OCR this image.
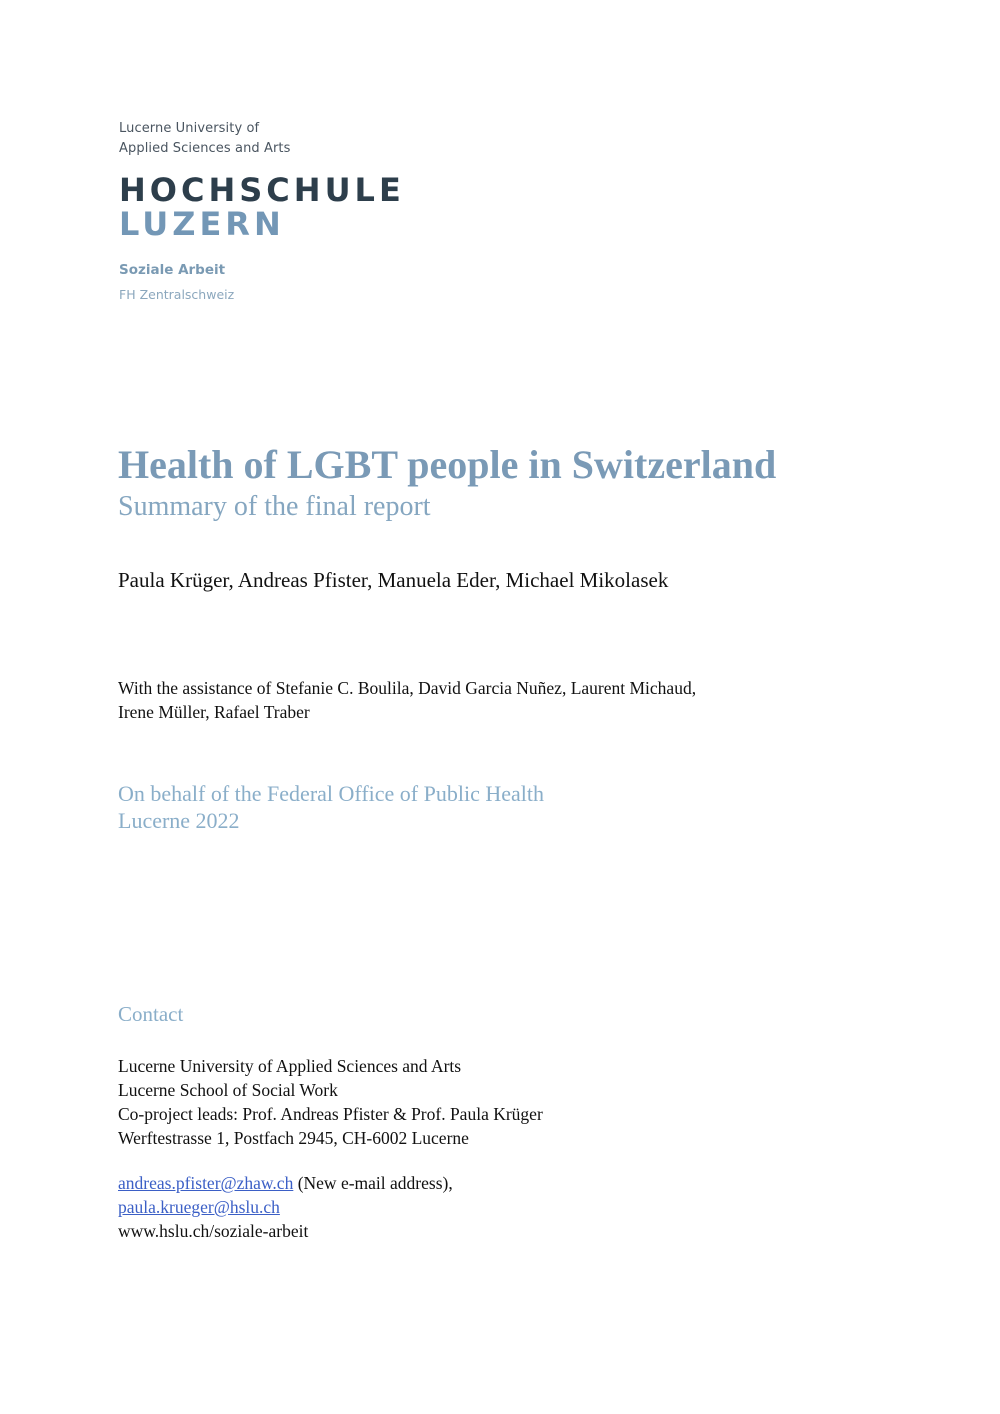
Lucerne University of
Applied Sciences and Arts
HOCHSCHULE
LUZERN
Soziale Arbeit
FH Zentralschweiz
Health of LGBT people in Switzerland
Summary of the final report
Paula Krüger, Andreas Pfister, Manuela Eder, Michael Mikolasek
With the assistance of Stefanie C. Boulila, David Garcia Nuñez, Laurent Michaud,
Irene Müller, Rafael Traber
On behalf of the Federal Office of Public Health
Lucerne 2022
Contact
Lucerne University of Applied Sciences and Arts
Lucerne School of Social Work
Co-project leads: Prof. Andreas Pfister & Prof. Paula Krüger
Werftestrasse 1, Postfach 2945, CH-6002 Lucerne
andreas.pfister@zhaw.ch (New e-mail address),
paula.krueger@hslu.ch
www.hslu.ch/soziale-arbeit
